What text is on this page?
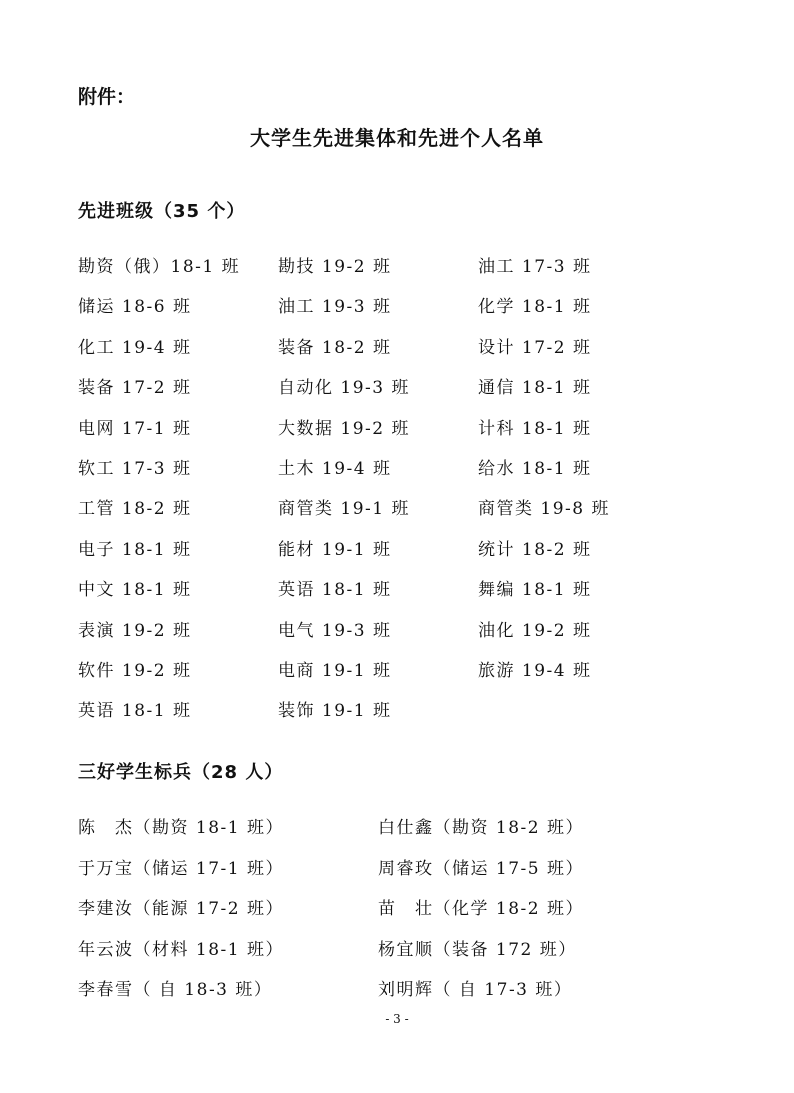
附件：
大学生先进集体和先进个人名单
先进班级（35 个）
勘资（俄）18-1 班	勘技 19-2 班	油工 17-3 班
储运 18-6 班	油工 19-3 班	化学 18-1 班
化工 19-4 班	装备 18-2 班	设计 17-2 班
装备 17-2 班	自动化 19-3 班	通信 18-1 班
电网 17-1 班	大数据 19-2 班	计科 18-1 班
软工 17-3 班	土木 19-4 班	给水 18-1 班
工管 18-2 班	商管类 19-1 班	商管类 19-8 班
电子 18-1 班	能材 19-1 班	统计 18-2 班
中文 18-1 班	英语 18-1 班	舞编 18-1 班
表演 19-2 班	电气 19-3 班	油化 19-2 班
软件 19-2 班	电商 19-1 班	旅游 19-4 班
英语 18-1 班	装饰 19-1 班
三好学生标兵（28 人）
陈　杰（勘资 18-1 班）	白仕鑫（勘资 18-2 班）
于万宝（储运 17-1 班）	周睿玫（储运 17-5 班）
李建汝（能源 17-2 班）	苗　壮（化学 18-2 班）
年云波（材料 18-1 班）	杨宜顺（装备 172 班）
李春雪（ 自 18-3 班）	刘明辉（ 自 17-3 班）
- 3 -
